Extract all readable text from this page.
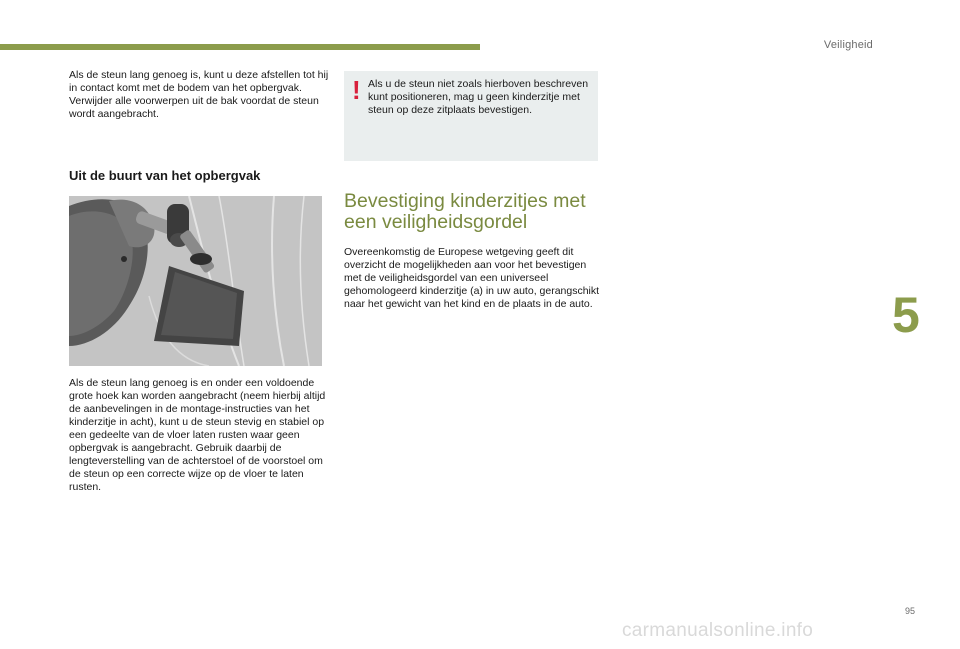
Veiligheid
5

Als de steun lang genoeg is, kunt u deze afstellen tot hij in contact komt met de bodem van het opbergvak. Verwijder alle voorwerpen uit de bak voordat de steun wordt aangebracht.

Uit de buurt van het opbergvak

Als de steun lang genoeg is en onder een voldoende grote hoek kan worden aangebracht (neem hierbij altijd de aanbevelingen in de montage-instructies van het kinderzitje in acht), kunt u de steun stevig en stabiel op een gedeelte van de vloer laten rusten waar geen opbergvak is aangebracht. Gebruik daarbij de lengteverstelling van de achterstoel of de voorstoel om de steun op een correcte wijze op de vloer te laten rusten.

! Als u de steun niet zoals hierboven beschreven kunt positioneren, mag u geen kinderzitje met steun op deze zitplaats bevestigen.

Bevestiging kinderzitjes met een veiligheidsgordel

Overeenkomstig de Europese wetgeving geeft dit overzicht de mogelijkheden aan voor het bevestigen met de veiligheidsgordel van een universeel gehomologeerd kinderzitje (a) in uw auto, gerangschikt naar het gewicht van het kind en de plaats in de auto.

95
carmanualsonline.info
